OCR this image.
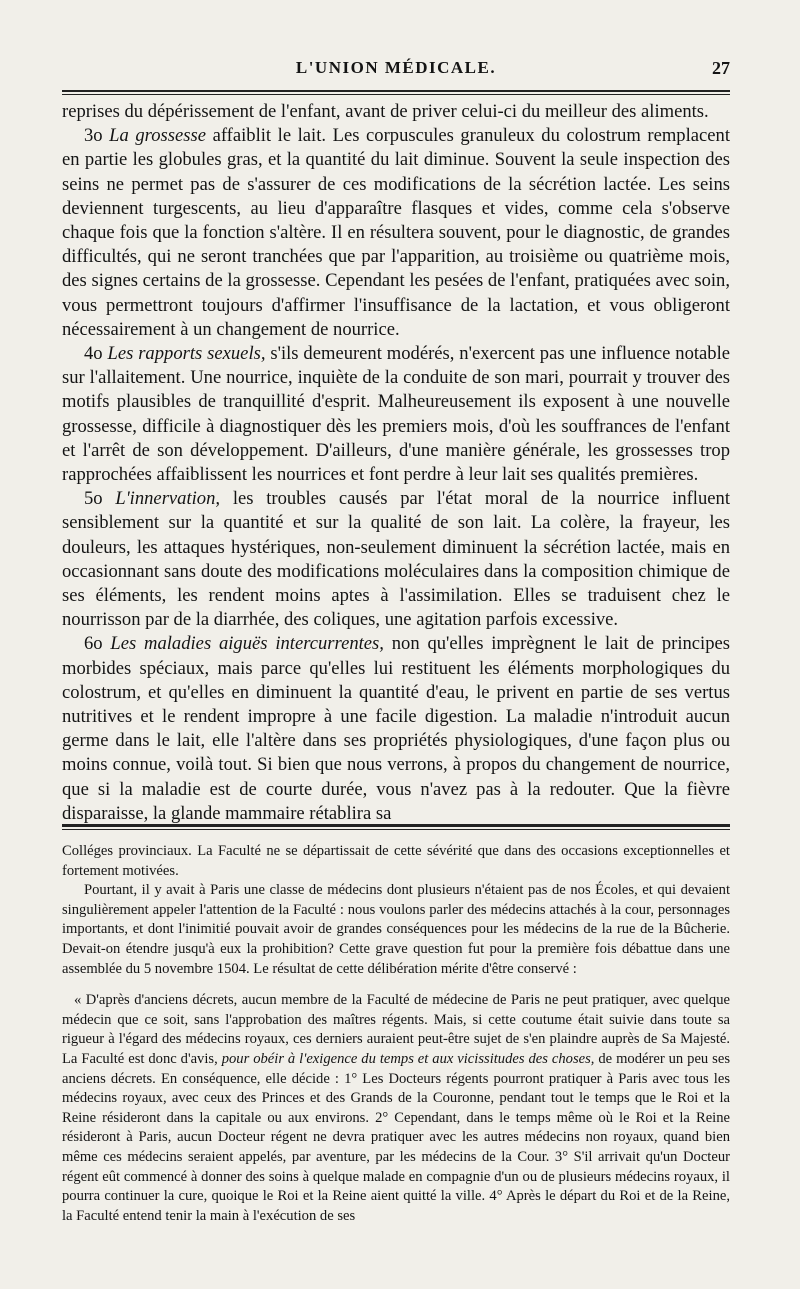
L'UNION MÉDICALE.	27

reprises du dépérissement de l'enfant, avant de priver celui-ci du meilleur des aliments.

3o La grossesse affaiblit le lait. Les corpuscules granuleux du colostrum remplacent en partie les globules gras, et la quantité du lait diminue. Souvent la seule inspection des seins ne permet pas de s'assurer de ces modifications de la sécrétion lactée. Les seins deviennent turgescents, au lieu d'apparaître flasques et vides, comme cela s'observe chaque fois que la fonction s'altère. Il en résultera souvent, pour le diagnostic, de grandes difficultés, qui ne seront tranchées que par l'apparition, au troisième ou quatrième mois, des signes certains de la grossesse. Cependant les pesées de l'enfant, pratiquées avec soin, vous permettront toujours d'affirmer l'insuffisance de la lactation, et vous obligeront nécessairement à un changement de nourrice.

4o Les rapports sexuels, s'ils demeurent modérés, n'exercent pas une influence notable sur l'allaitement. Une nourrice, inquiète de la conduite de son mari, pourrait y trouver des motifs plausibles de tranquillité d'esprit. Malheureusement ils exposent à une nouvelle grossesse, difficile à diagnostiquer dès les premiers mois, d'où les souffrances de l'enfant et l'arrêt de son développement. D'ailleurs, d'une manière générale, les grossesses trop rapprochées affaiblissent les nourrices et font perdre à leur lait ses qualités premières.

5o L'innervation, les troubles causés par l'état moral de la nourrice influent sensiblement sur la quantité et sur la qualité de son lait. La colère, la frayeur, les douleurs, les attaques hystériques, non-seulement diminuent la sécrétion lactée, mais en occasionnant sans doute des modifications moléculaires dans la composition chimique de ses éléments, les rendent moins aptes à l'assimilation. Elles se traduisent chez le nourrisson par de la diarrhée, des coliques, une agitation parfois excessive.

6o Les maladies aiguës intercurrentes, non qu'elles imprègnent le lait de principes morbides spéciaux, mais parce qu'elles lui restituent les éléments morphologiques du colostrum, et qu'elles en diminuent la quantité d'eau, le privent en partie de ses vertus nutritives et le rendent impropre à une facile digestion. La maladie n'introduit aucun germe dans le lait, elle l'altère dans ses propriétés physiologiques, d'une façon plus ou moins connue, voilà tout. Si bien que nous verrons, à propos du changement de nourrice, que si la maladie est de courte durée, vous n'avez pas à la redouter. Que la fièvre disparaisse, la glande mammaire rétablira sa

Colléges provinciaux. La Faculté ne se départissait de cette sévérité que dans des occasions exceptionnelles et fortement motivées.

Pourtant, il y avait à Paris une classe de médecins dont plusieurs n'étaient pas de nos Écoles, et qui devaient singulièrement appeler l'attention de la Faculté : nous voulons parler des médecins attachés à la cour, personnages importants, et dont l'inimitié pouvait avoir de grandes conséquences pour les médecins de la rue de la Bûcherie. Devait-on étendre jusqu'à eux la prohibition? Cette grave question fut pour la première fois débattue dans une assemblée du 5 novembre 1504. Le résultat de cette délibération mérite d'être conservé :

« D'après d'anciens décrets, aucun membre de la Faculté de médecine de Paris ne peut pratiquer, avec quelque médecin que ce soit, sans l'approbation des maîtres régents. Mais, si cette coutume était suivie dans toute sa rigueur à l'égard des médecins royaux, ces derniers auraient peut-être sujet de s'en plaindre auprès de Sa Majesté. La Faculté est donc d'avis, pour obéir à l'exigence du temps et aux vicissitudes des choses, de modérer un peu ses anciens décrets. En conséquence, elle décide : 1° Les Docteurs régents pourront pratiquer à Paris avec tous les médecins royaux, avec ceux des Princes et des Grands de la Couronne, pendant tout le temps que le Roi et la Reine résideront dans la capitale ou aux environs. 2° Cependant, dans le temps même où le Roi et la Reine résideront à Paris, aucun Docteur régent ne devra pratiquer avec les autres médecins non royaux, quand bien même ces médecins seraient appelés, par aventure, par les médecins de la Cour. 3° S'il arrivait qu'un Docteur régent eût commencé à donner des soins à quelque malade en compagnie d'un ou de plusieurs médecins royaux, il pourra continuer la cure, quoique le Roi et la Reine aient quitté la ville. 4° Après le départ du Roi et de la Reine, la Faculté entend tenir la main à l'exécution de ses
